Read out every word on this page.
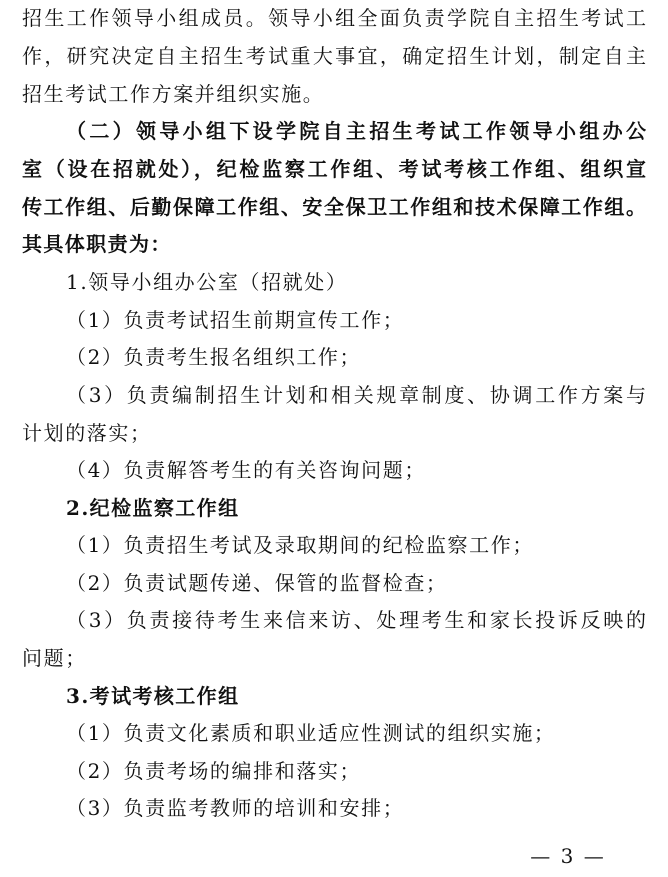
招生工作领导小组成员。领导小组全面负责学院自主招生考试工
作，研究决定自主招生考试重大事宜，确定招生计划，制定自主
招生考试工作方案并组织实施。
（二）领导小组下设学院自主招生考试工作领导小组办公
室（设在招就处），纪检监察工作组、考试考核工作组、组织宣
传工作组、后勤保障工作组、安全保卫工作组和技术保障工作组。
其具体职责为：
1.领导小组办公室（招就处）
（1）负责考试招生前期宣传工作；
（2）负责考生报名组织工作；
（3）负责编制招生计划和相关规章制度、协调工作方案与
计划的落实；
（4）负责解答考生的有关咨询问题；
2.纪检监察工作组
（1）负责招生考试及录取期间的纪检监察工作；
（2）负责试题传递、保管的监督检查；
（3）负责接待考生来信来访、处理考生和家长投诉反映的
问题；
3.考试考核工作组
（1）负责文化素质和职业适应性测试的组织实施；
（2）负责考场的编排和落实；
（3）负责监考教师的培训和安排；
— 3 —
